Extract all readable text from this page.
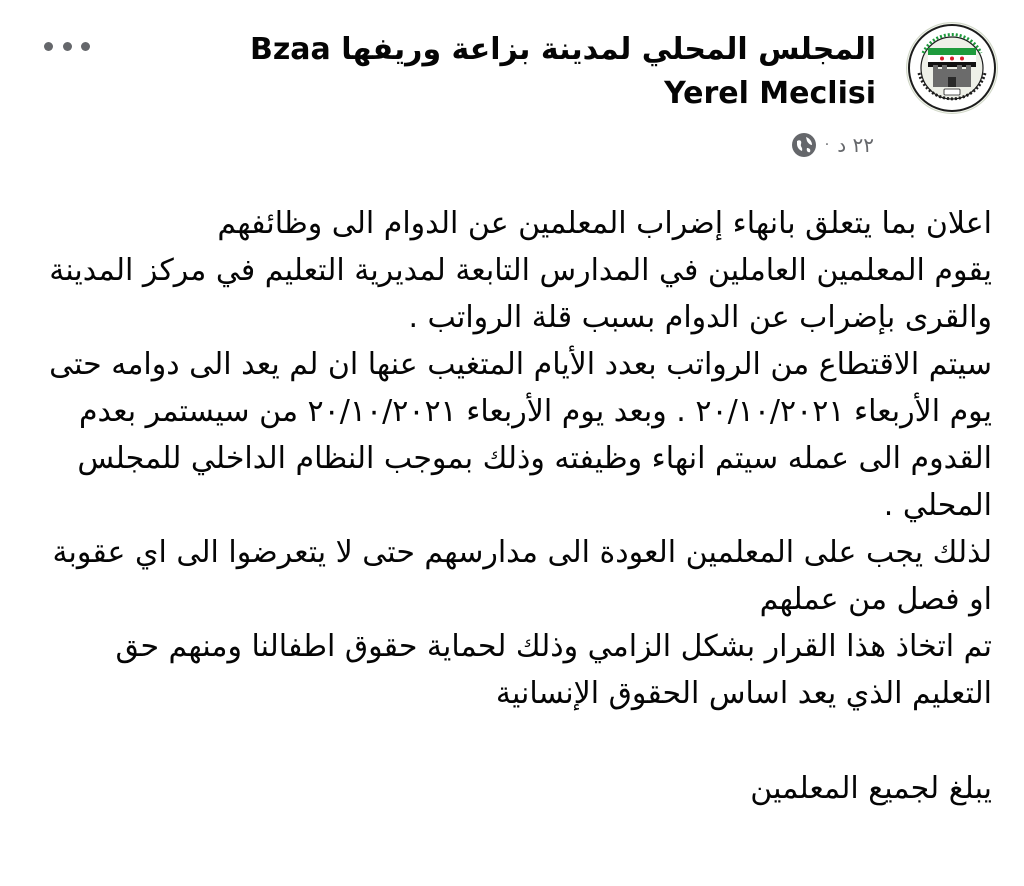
المجلس المحلي لمدينة بزاعة وريفها Bzaa Yerel Meclisi
٢٢ د
·

اعلان بما يتعلق بانهاء إضراب المعلمين عن الدوام الى وظائفهم

يقوم المعلمين العاملين في المدارس التابعة لمديرية التعليم في مركز المدينة والقرى بإضراب عن الدوام بسبب قلة الرواتب .

سيتم الاقتطاع من الرواتب بعدد الأيام المتغيب عنها ان لم يعد الى دوامه حتى يوم الأربعاء ٢٠/١٠/٢٠٢١ . وبعد يوم الأربعاء ٢٠/١٠/٢٠٢١ من سيستمر بعدم القدوم الى عمله سيتم انهاء وظيفته وذلك بموجب النظام الداخلي للمجلس المحلي .

لذلك يجب على المعلمين العودة الى مدارسهم حتى لا يتعرضوا الى اي عقوبة او فصل من عملهم

تم اتخاذ هذا القرار بشكل الزامي وذلك لحماية حقوق اطفالنا ومنهم حق التعليم الذي يعد اساس الحقوق الإنسانية

يبلغ لجميع المعلمين
